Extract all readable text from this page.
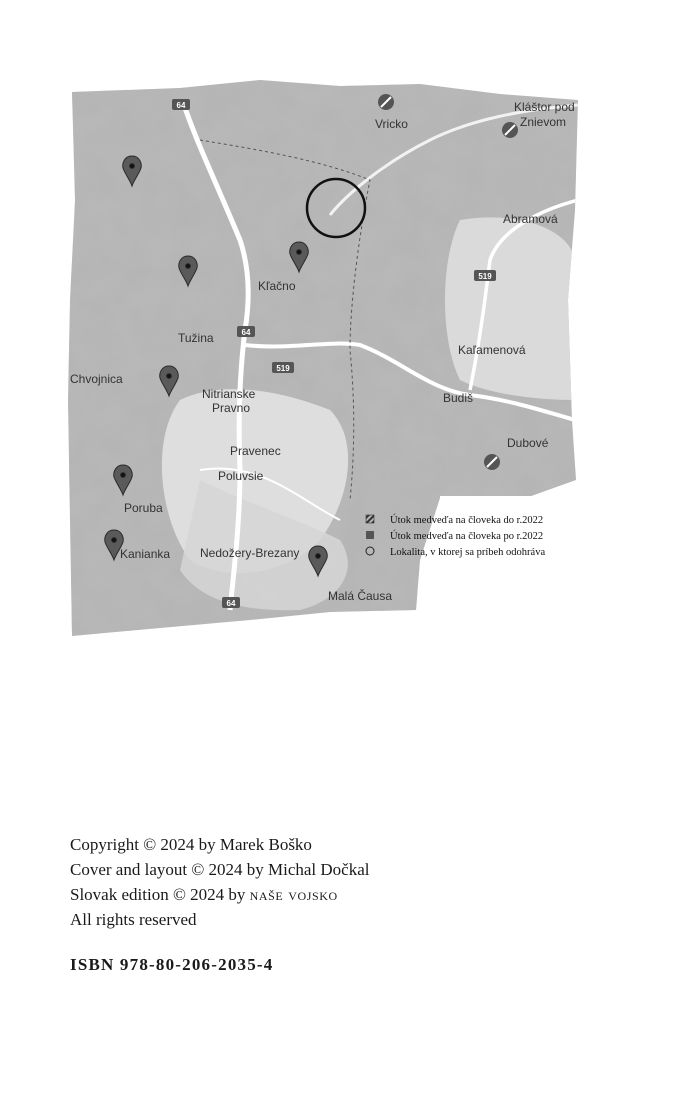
64
519
64
519
64
Vricko
Kláštor pod
Znievom
Abramová
Kľačno
Tužina
Kaľamenová
Chvojnica
Nitrianske
Pravno
Budiš
Pravenec
Poluvsie
Dubové
Poruba
Kanianka Nedožery-Brezany
Malá Čausa
Útok medveďa na človeka do r.2022
Útok medveďa na človeka po r.2022
Lokalita, v ktorej sa príbeh odohráva

Copyright © 2024 by Marek Boško

Cover and layout © 2024 by Michal Dočkal

Slovak edition © 2024 by naše vojsko

All rights reserved

ISBN 978-80-206-2035-4
